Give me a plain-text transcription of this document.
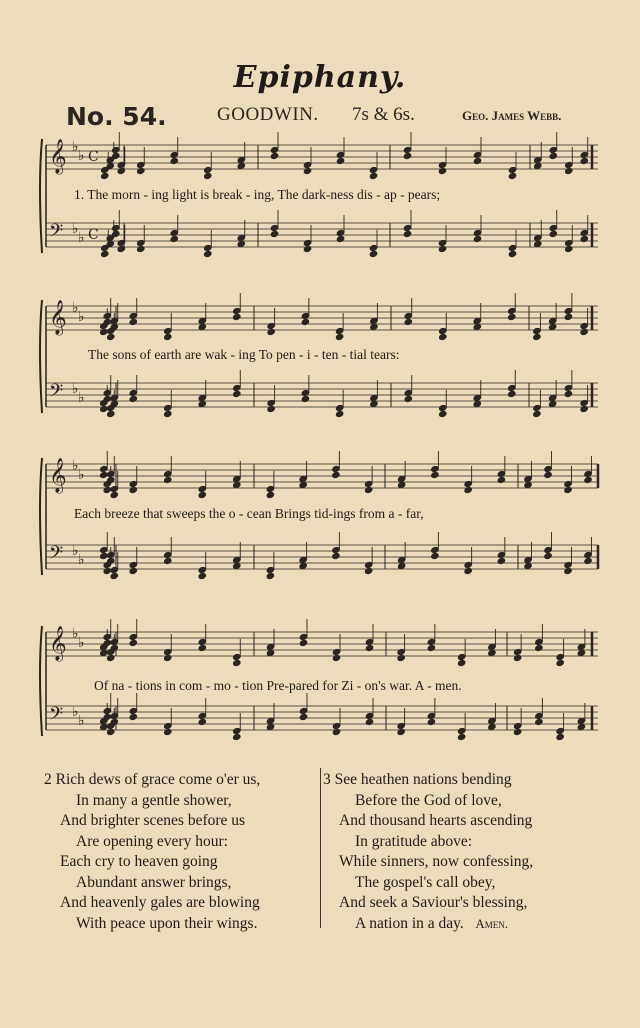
Epiphany.
No. 54.	GOODWIN. 7s & 6s.	Geo. James Webb.
𝄞 ♭
♭ C
𝄢 ♭
♭ C
𝄞 ♭
♭
𝄢 ♭
♭
𝄞 ♭
♭
𝄢 ♭
♭
𝄞 ♭
♭
𝄢 ♭
♭
1. The morn - ing light is break - ing, The dark-ness dis - ap - pears;
The sons of earth are wak - ing To pen - i - ten - tial tears:
Each breeze that sweeps the o - cean Brings tid-ings from a - far,
Of na - tions in com - mo - tion Pre-pared for Zi - on's war. A - men.
2 Rich dews of grace come o'er us,
In many a gentle shower,
And brighter scenes before us
Are opening every hour:
Each cry to heaven going
Abundant answer brings,
And heavenly gales are blowing
With peace upon their wings.
3 See heathen nations bending
Before the God of love,
And thousand hearts ascending
In gratitude above:
While sinners, now confessing,
The gospel's call obey,
And seek a Saviour's blessing,
A nation in a day. Amen.
